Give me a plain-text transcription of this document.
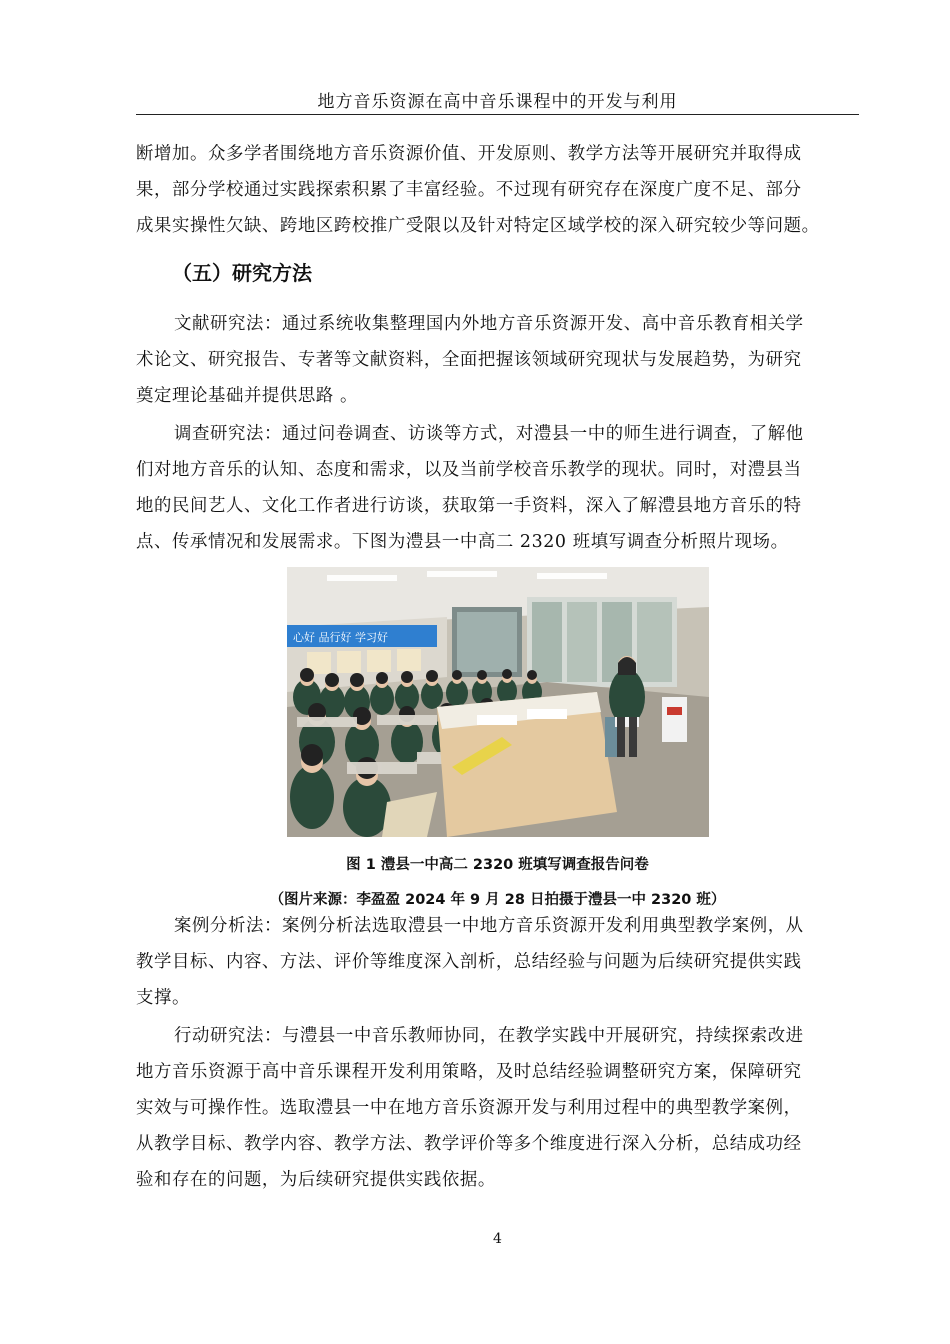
地方音乐资源在高中音乐课程中的开发与利用
断增加。众多学者围绕地方音乐资源价值、开发原则、教学方法等开展研究并取得成
果，部分学校通过实践探索积累了丰富经验。不过现有研究存在深度广度不足、部分
成果实操性欠缺、跨地区跨校推广受限以及针对特定区域学校的深入研究较少等问题。
（五）研究方法
文献研究法：通过系统收集整理国内外地方音乐资源开发、高中音乐教育相关学
术论文、研究报告、专著等文献资料，全面把握该领域研究现状与发展趋势，为研究
奠定理论基础并提供思路 。
调查研究法：通过问卷调查、访谈等方式，对澧县一中的师生进行调查，了解他
们对地方音乐的认知、态度和需求，以及当前学校音乐教学的现状。同时，对澧县当
地的民间艺人、文化工作者进行访谈，获取第一手资料，深入了解澧县地方音乐的特
点、传承情况和发展需求。下图为澧县一中高二 2320 班填写调查分析照片现场。
心好 品行好 学习好
图 1 澧县一中高二 2320 班填写调查报告问卷
（图片来源：李盈盈 2024 年 9 月 28 日拍摄于澧县一中 2320 班）
案例分析法：案例分析法选取澧县一中地方音乐资源开发利用典型教学案例，从
教学目标、内容、方法、评价等维度深入剖析，总结经验与问题为后续研究提供实践
支撑。
行动研究法：与澧县一中音乐教师协同，在教学实践中开展研究，持续探索改进
地方音乐资源于高中音乐课程开发利用策略，及时总结经验调整研究方案，保障研究
实效与可操作性。选取澧县一中在地方音乐资源开发与利用过程中的典型教学案例，
从教学目标、教学内容、教学方法、教学评价等多个维度进行深入分析，总结成功经
验和存在的问题，为后续研究提供实践依据。
4
